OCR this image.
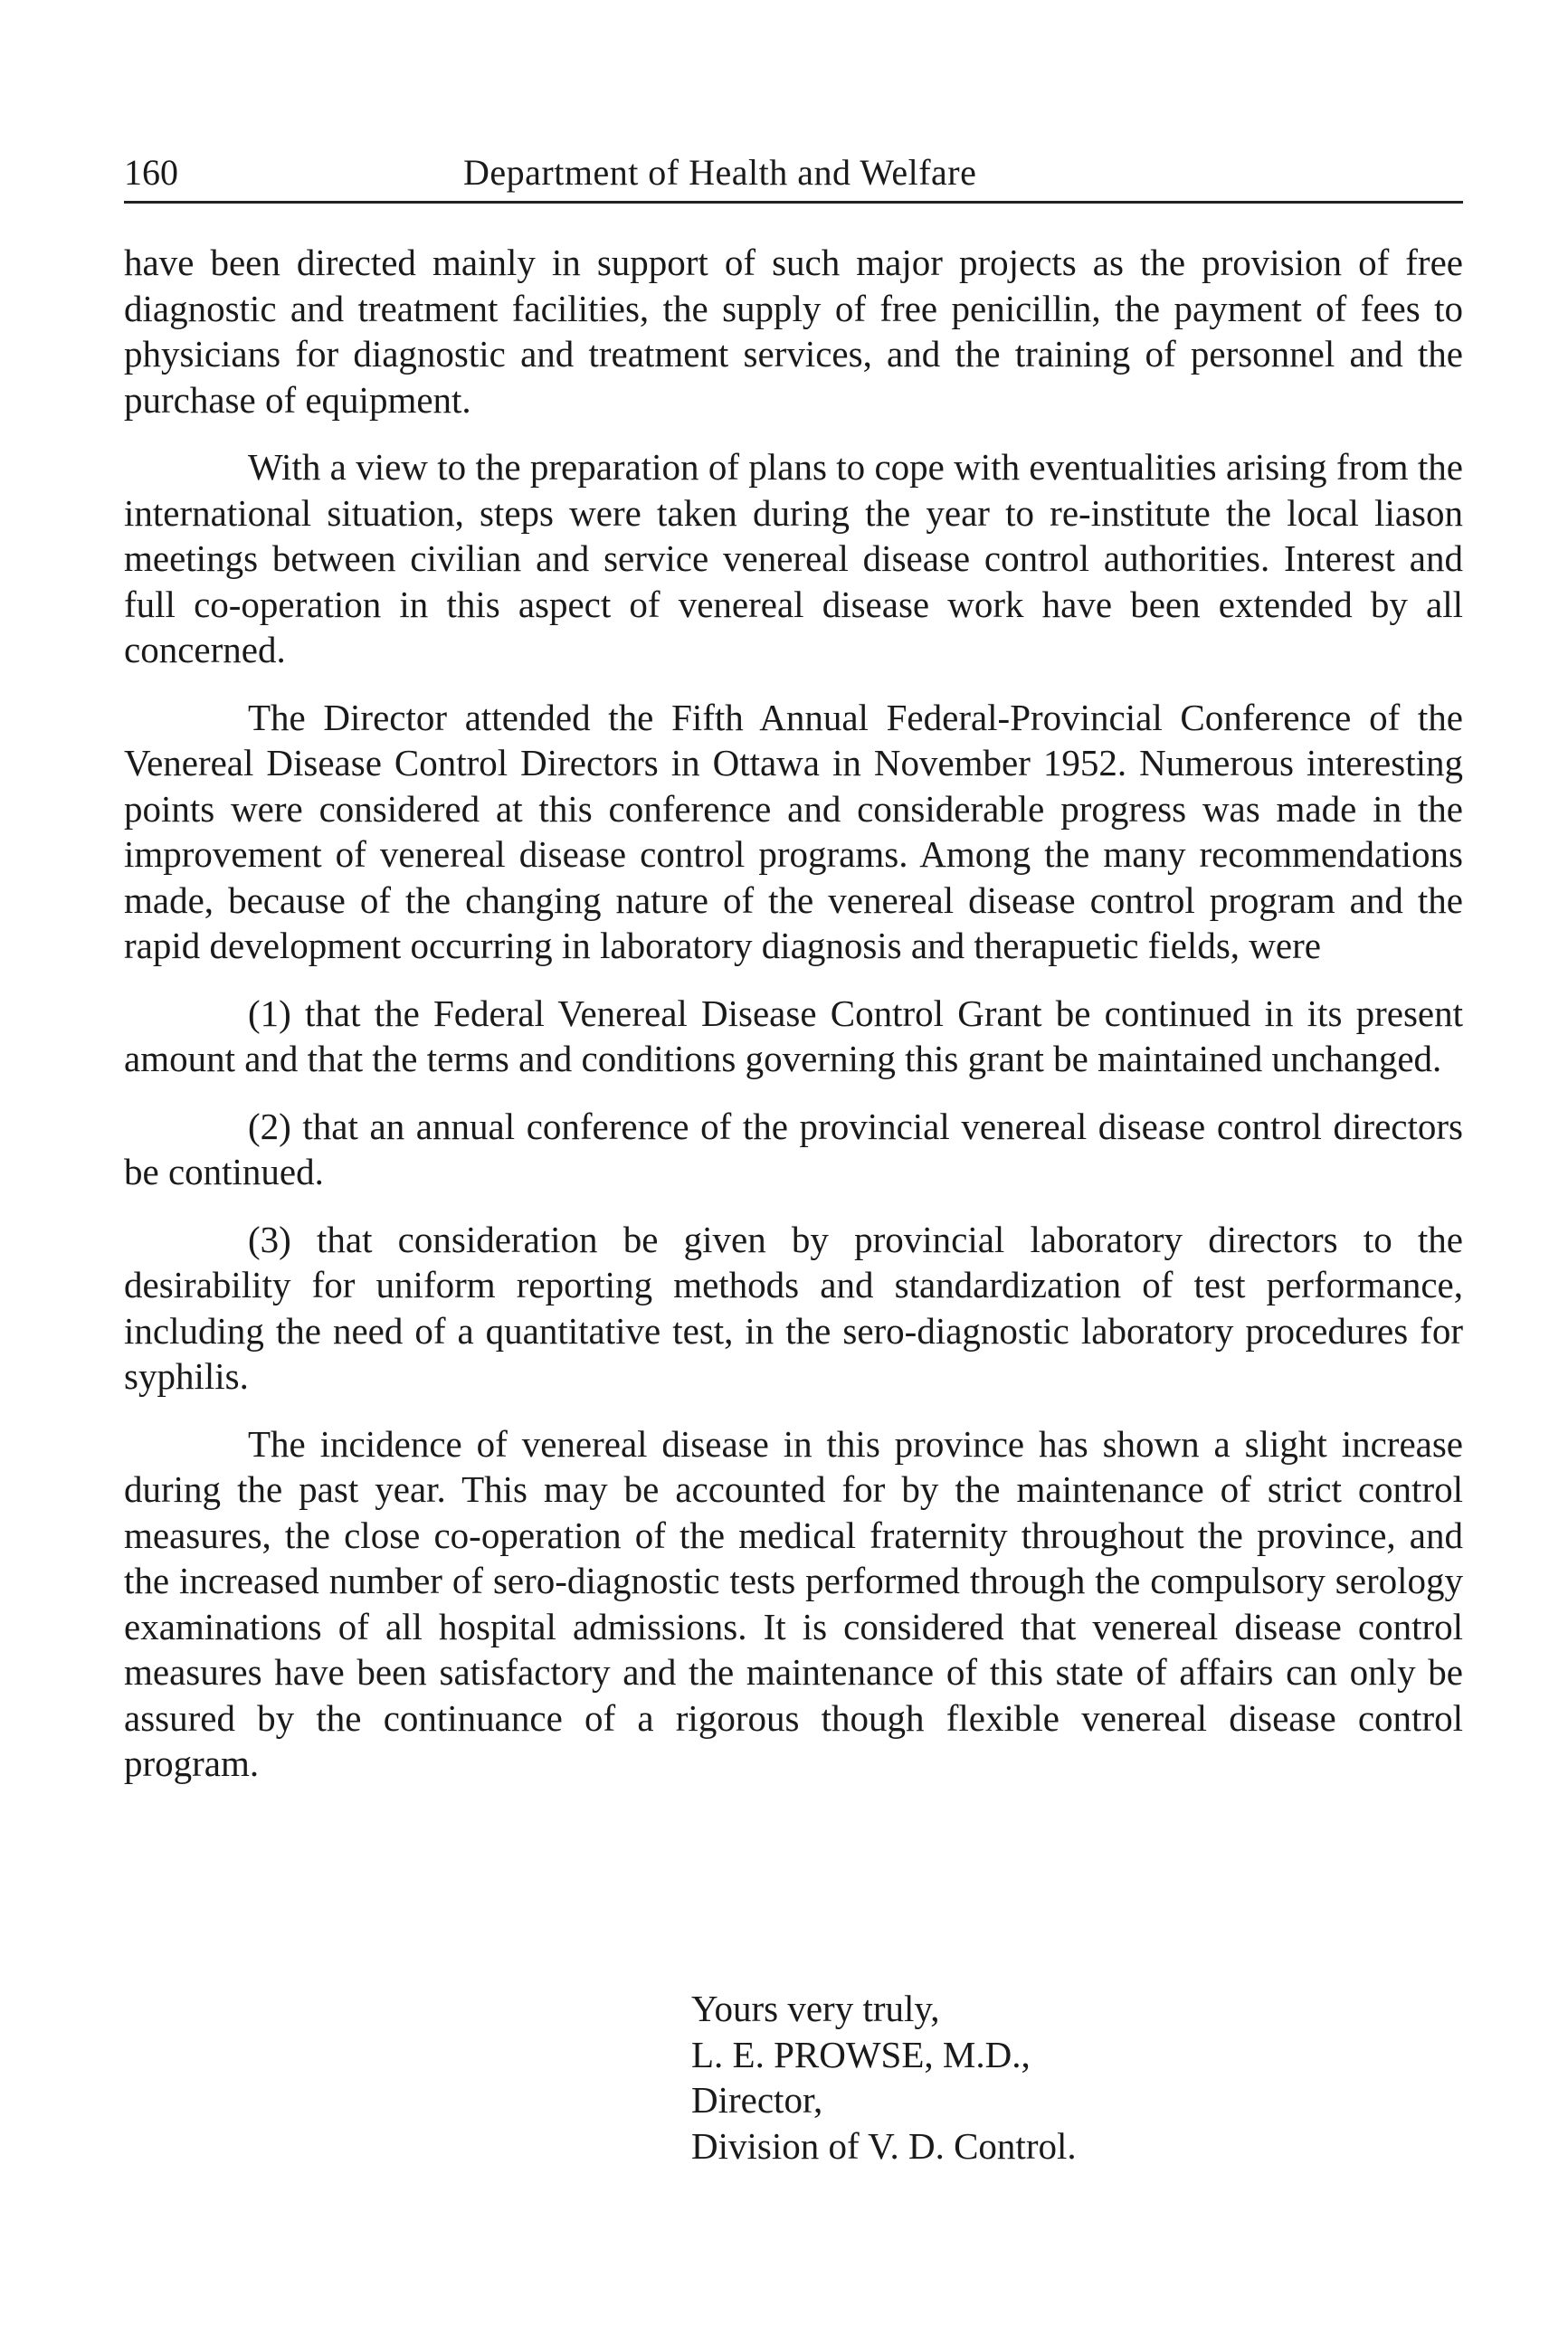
160	Department of Health and Welfare

have been directed mainly in support of such major projects as the provision of free diagnostic and treatment facilities, the supply of free penicillin, the payment of fees to physicians for diagnostic and treatment services, and the training of personnel and the purchase of equipment.

With a view to the preparation of plans to cope with eventualities arising from the international situation, steps were taken during the year to re-institute the local liason meetings between civilian and service venereal disease control authorities. Interest and full co-operation in this aspect of venereal disease work have been extended by all concerned.

The Director attended the Fifth Annual Federal-Provincial Conference of the Venereal Disease Control Directors in Ottawa in November 1952. Numerous interesting points were considered at this conference and considerable progress was made in the improvement of venereal disease control programs. Among the many recommendations made, because of the changing nature of the venereal disease control program and the rapid development occurring in laboratory diagnosis and therapuetic fields, were

(1) that the Federal Venereal Disease Control Grant be continued in its present amount and that the terms and conditions governing this grant be maintained unchanged.

(2) that an annual conference of the provincial venereal disease control directors be continued.

(3) that consideration be given by provincial laboratory directors to the desirability for uniform reporting methods and standardization of test performance, including the need of a quantitative test, in the sero-diagnostic laboratory procedures for syphilis.

The incidence of venereal disease in this province has shown a slight increase during the past year. This may be accounted for by the maintenance of strict control measures, the close co-operation of the medical fraternity throughout the province, and the increased number of sero-diagnostic tests performed through the compulsory serology examinations of all hospital admissions. It is considered that venereal disease control measures have been satisfactory and the maintenance of this state of affairs can only be assured by the continuance of a rigorous though flexible venereal disease control program.

Yours very truly,
L. E. PROWSE, M.D.,
Director,
Division of V. D. Control.
